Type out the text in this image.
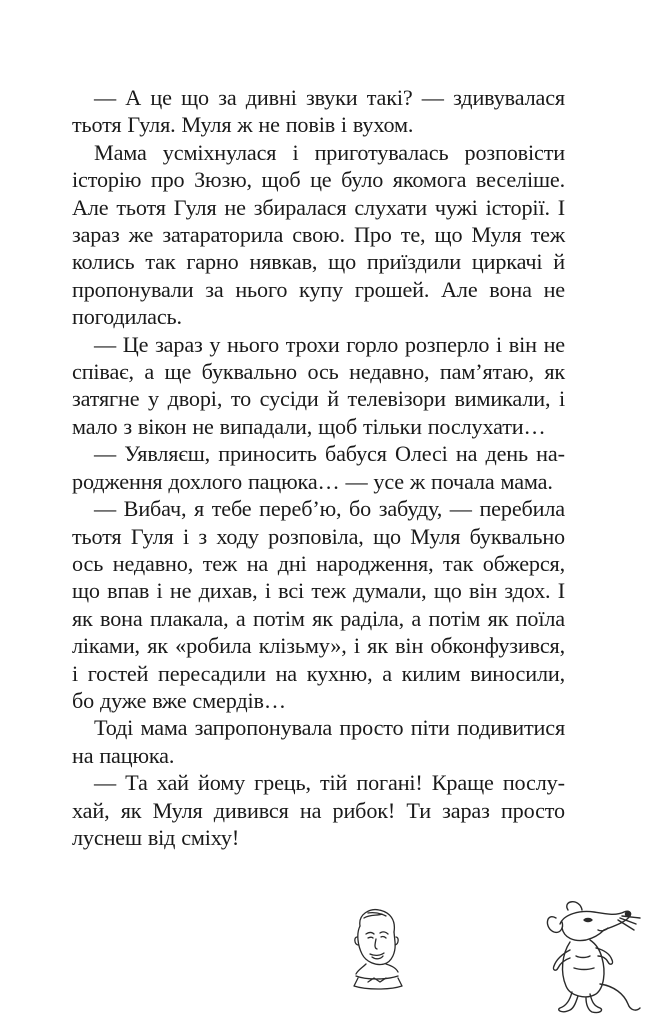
— А це що за дивні звуки такі? — здивувалася тьотя Гуля. Муля ж не повів і вухом.

Мама усміхнулася і приготувалась розповісти історію про Зюзю, щоб це було якомога веселіше. Але тьотя Гуля не збиралася слухати чужі історії. І зараз же затараторила свою. Про те, що Муля теж колись так гарно нявкав, що приїздили циркачі й пропонували за нього купу грошей. Але вона не погодилась.

— Це зараз у нього трохи горло розперло і він не співає, а ще буквально ось недавно, пам’ятаю, як затягне у дворі, то сусіди й телевізори вимикали, і мало з вікон не випадали, щоб тільки послухати…

— Уявляєш, приносить бабуся Олесі на день народження дохлого пацюка… — усе ж почала мама.

— Вибач, я тебе переб’ю, бо забуду, — перебила тьотя Гуля і з ходу розповіла, що Муля буквально ось недавно, теж на дні народження, так обжерся, що впав і не дихав, і всі теж думали, що він здох. І як вона плакала, а потім як раділа, а потім як поїла ліками, як «робила клізьму», і як він обконфузився, і гостей пересадили на кухню, а килим виносили, бо дуже вже смердів…

Тоді мама запропонувала просто піти подивитися на пацюка.

— Та хай йому грець, тій погані! Краще послухай, як Муля дивився на рибок! Ти зараз просто луснеш від сміху!
